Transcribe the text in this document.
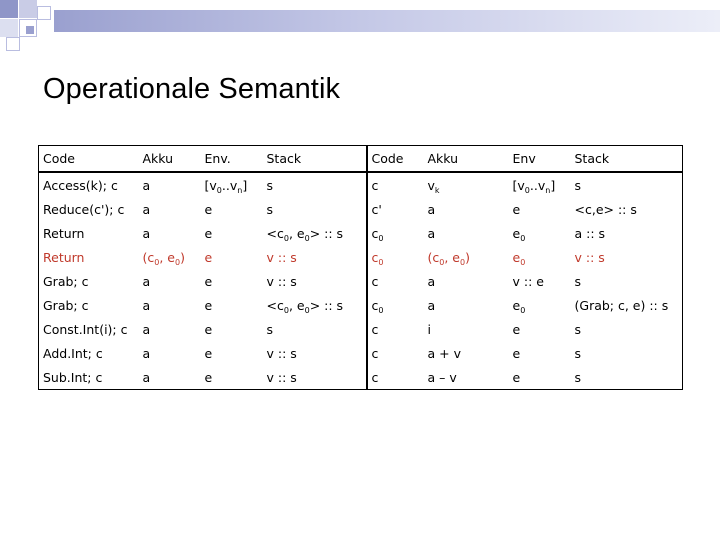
Operationale Semantik
Code	Akku	Env.	Stack	Code	Akku	Env	Stack
Access(k); c	a	$[v_0..v_n]$	s	c	$v_k$	$[v_0..v_n]$	s
Reduce(c'); c	a	e	s	c'	a	e	<c,e> :: s
Return	a	e	$<c_0$, $e_0>$ :: s	$c_0$	a	$e_0$	a :: s
Return	($c_0$, $e_0$)	e	v :: s	$c_0$	($c_0$, $e_0$)	$e_0$	v :: s
Grab; c	a	e	v :: s	c	a	v :: e	s
Grab; c	a	e	$<c_0$, $e_0>$ :: s	$c_0$	a	$e_0$	(Grab; c, e) :: s
Const.Int(i); c	a	e	s	c	i	e	s
Add.Int; c	a	e	v :: s	c	a + v	e	s
Sub.Int; c	a	e	v :: s	c	a – v	e	s
